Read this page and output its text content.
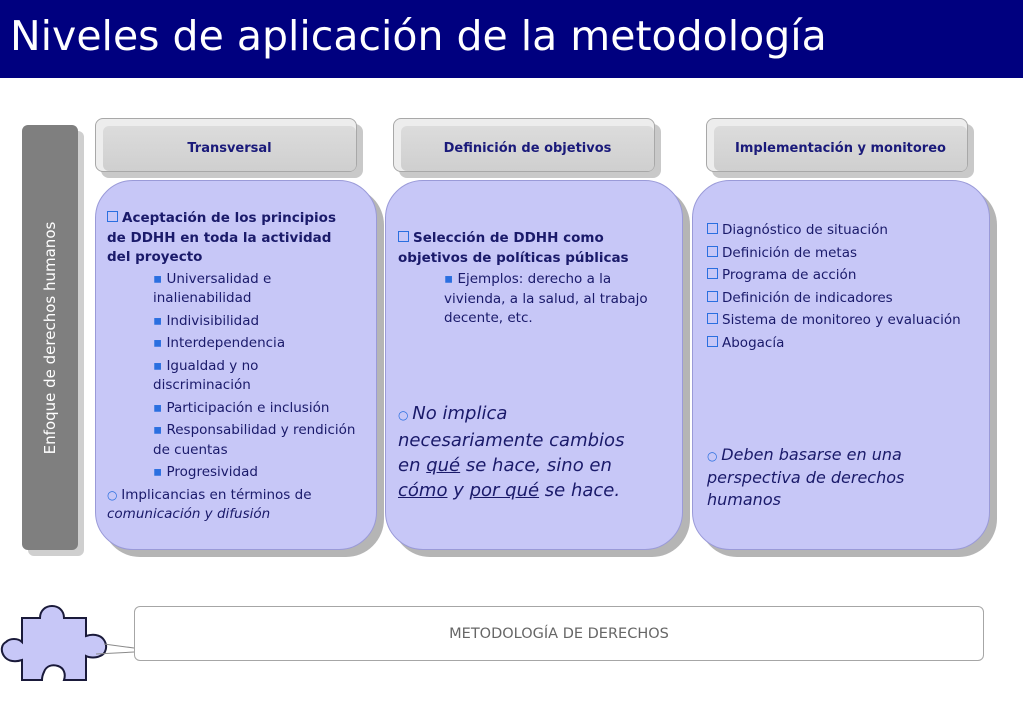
Niveles de aplicación de la metodología
Enfoque de derechos humanos
Transversal	Definición de objetivos	Implementación y monitoreo

Aceptación de los principios de DDHH en toda la actividad del proyecto

▪ Universalidad e inalienabilidad

▪ Indivisibilidad

▪ Interdependencia

▪ Igualdad y no discriminación

▪ Participación e inclusión

▪ Responsabilidad y rendición de cuentas

▪ Progresividad

○ Implicancias en términos de comunicación y difusión

Selección de DDHH como objetivos de políticas públicas

▪ Ejemplos: derecho a la vivienda, a la salud, al trabajo decente, etc.

○ No implica

necesariamente cambios

en qué se hace, sino en

cómo y por qué se hace.

Diagnóstico de situación

Definición de metas

Programa de acción

Definición de indicadores

Sistema de monitoreo y evaluación

Abogacía

○ Deben basarse en una perspectiva de derechos humanos

METODOLOGÍA DE DERECHOS
